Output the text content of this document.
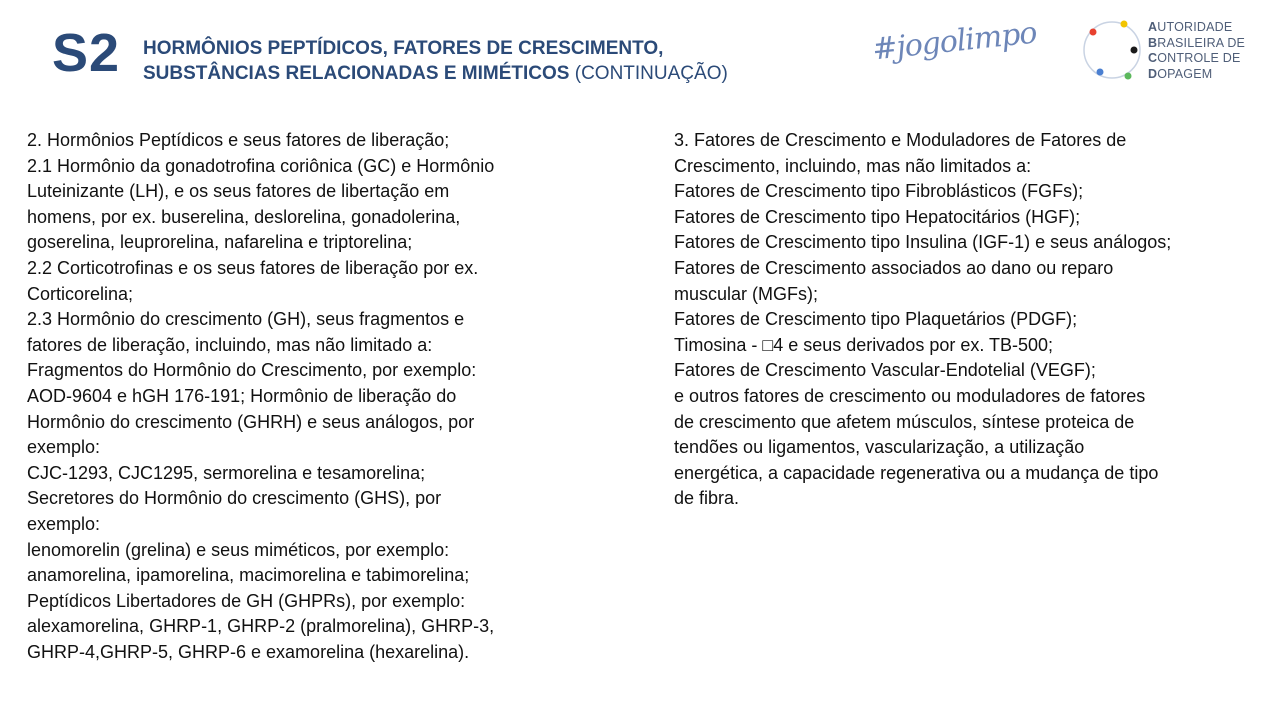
S2 HORMÔNIOS PEPTÍDICOS, FATORES DE CRESCIMENTO,
SUBSTÂNCIAS RELACIONADAS E MIMÉTICOS (CONTINUAÇÃO)
#jogolimpo	AUTORIDADE
BRASILEIRA DE
CONTROLE DE
DOPAGEM

2. Hormônios Peptídicos e seus fatores de liberação;

2.1 Hormônio da gonadotrofina coriônica (GC) e Hormônio

Luteinizante (LH), e os seus fatores de libertação em

homens, por ex. buserelina, deslorelina, gonadolerina,

goserelina, leuprorelina, nafarelina e triptorelina;

2.2 Corticotrofinas e os seus fatores de liberação por ex.

Corticorelina;

2.3 Hormônio do crescimento (GH), seus fragmentos e

fatores de liberação, incluindo, mas não limitado a:

Fragmentos do Hormônio do Crescimento, por exemplo:

AOD-9604 e hGH 176-191; Hormônio de liberação do

Hormônio do crescimento (GHRH) e seus análogos, por

exemplo:

CJC-1293, CJC1295, sermorelina e tesamorelina;

Secretores do Hormônio do crescimento (GHS), por

exemplo:

lenomorelin (grelina) e seus miméticos, por exemplo:

anamorelina, ipamorelina, macimorelina e tabimorelina;

Peptídicos Libertadores de GH (GHPRs), por exemplo:

alexamorelina, GHRP-1, GHRP-2 (pralmorelina), GHRP-3,

GHRP-4,GHRP-5, GHRP-6 e examorelina (hexarelina).

3. Fatores de Crescimento e Moduladores de Fatores de

Crescimento, incluindo, mas não limitados a:

Fatores de Crescimento tipo Fibroblásticos (FGFs);

Fatores de Crescimento tipo Hepatocitários (HGF);

Fatores de Crescimento tipo Insulina (IGF-1) e seus análogos;

Fatores de Crescimento associados ao dano ou reparo

muscular (MGFs);

Fatores de Crescimento tipo Plaquetários (PDGF);

Timosina - □4 e seus derivados por ex. TB-500;

Fatores de Crescimento Vascular-Endotelial (VEGF);

e outros fatores de crescimento ou moduladores de fatores

de crescimento que afetem músculos, síntese proteica de

tendões ou ligamentos, vascularização, a utilização

energética, a capacidade regenerativa ou a mudança de tipo

de fibra.
